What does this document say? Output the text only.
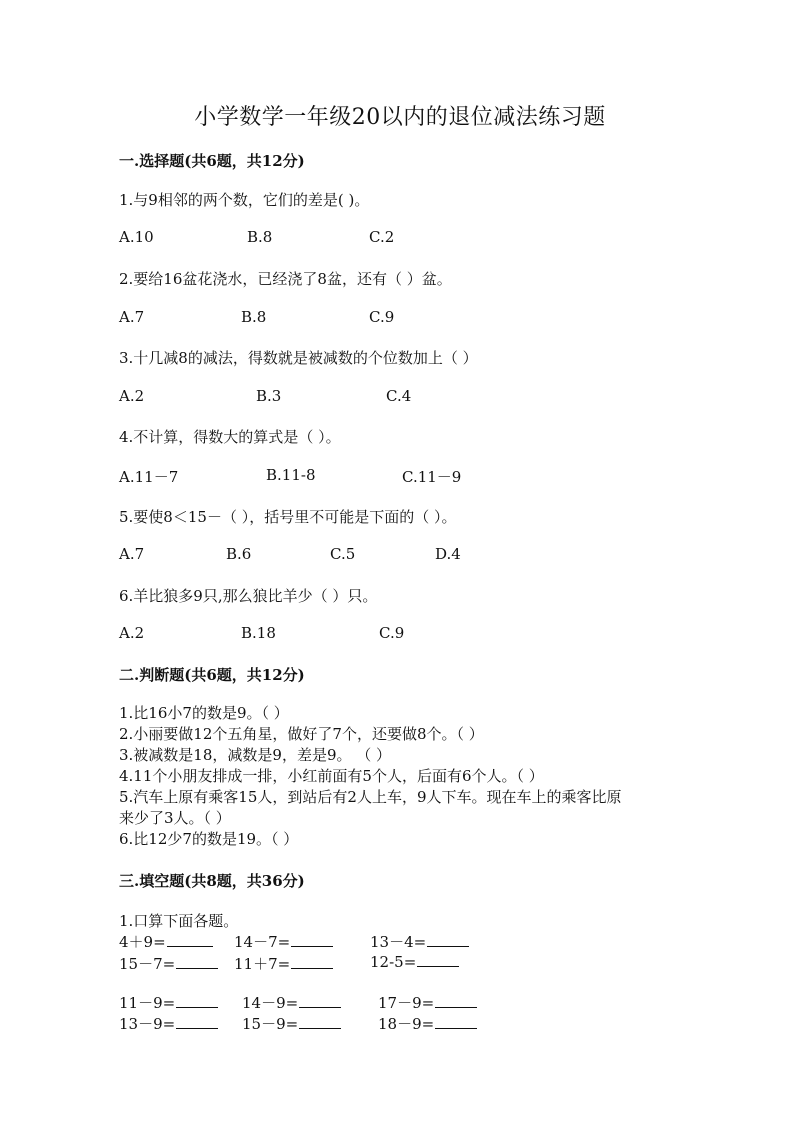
小学数学一年级20以内的退位减法练习题
一.选择题(共6题，共12分)
1.与9相邻的两个数，它们的差是( )。
A.10	B.8	C.2
2.要给16盆花浇水，已经浇了8盆，还有（ ）盆。
A.7	B.8	C.9
3.十几减8的减法，得数就是被减数的个位数加上（ ）
A.2	B.3	C.4
4.不计算，得数大的算式是（ ）。
A.11－7	B.11-8	C.11－9
5.要使8＜15－（ ），括号里不可能是下面的（ ）。
A.7	B.6	C.5	D.4
6.羊比狼多9只,那么狼比羊少（ ）只。
A.2	B.18	C.9
二.判断题(共6题，共12分)
1.比16小7的数是9。（ ）
2.小丽要做12个五角星，做好了7个，还要做8个。（ ）
3.被减数是18，减数是9，差是9。 （ ）
4.11个小朋友排成一排，小红前面有5个人，后面有6个人。（ ）
5.汽车上原有乘客15人，到站后有2人上车，9人下车。现在车上的乘客比原
来少了3人。（ ）
6.比12少7的数是19。（ ）
三.填空题(共8题，共36分)
1.口算下面各题。
4＋9=	14－7=	13－4=
15－7=	11＋7=	12-5=
11－9=	14－9=	17－9=
13－9=	15－9=	18－9=
